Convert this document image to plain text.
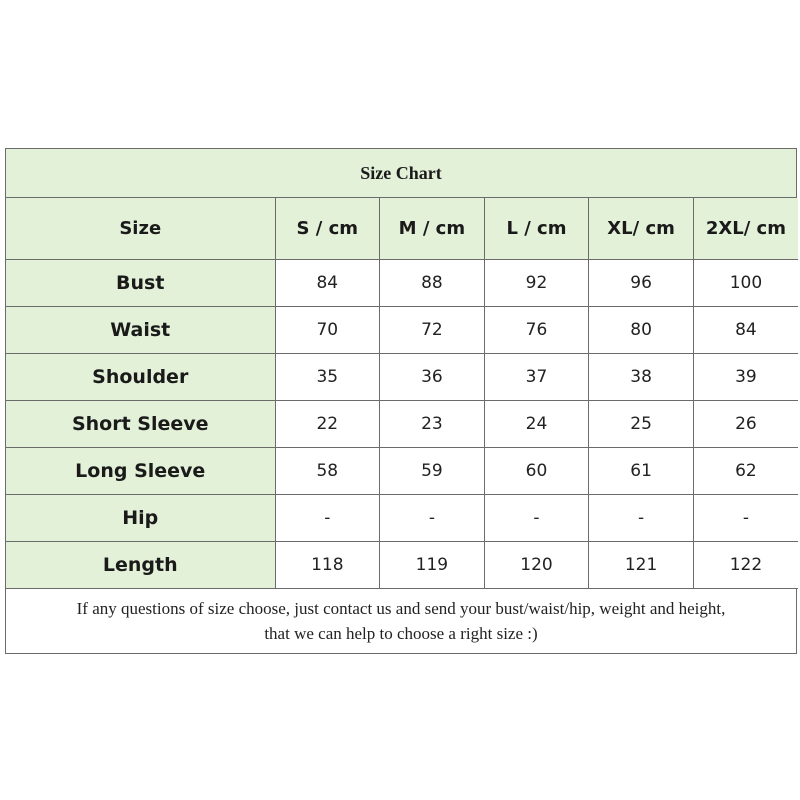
Size Chart
Size	S / cm	M / cm	L / cm	XL/ cm	2XL/ cm
Bust	84	88	92	96	100
Waist	70	72	76	80	84
Shoulder	35	36	37	38	39
Short Sleeve	22	23	24	25	26
Long Sleeve	58	59	60	61	62
Hip	-	-	-	-	-
Length	118	119	120	121	122
If any questions of size choose, just contact us and send your bust/waist/hip, weight and height,
that we can help to choose a right size :)
